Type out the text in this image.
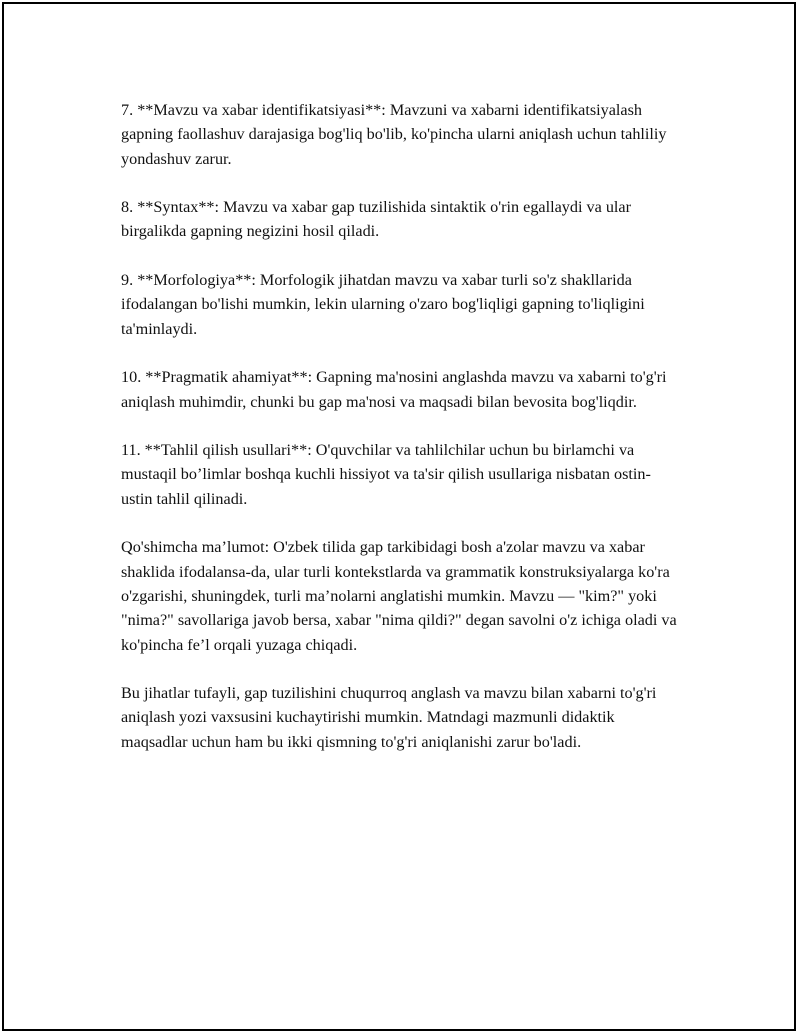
7. **Mavzu va xabar identifikatsiyasi**: Mavzuni va xabarni identifikatsiyalash gapning faollashuv darajasiga bog'liq bo'lib, ko'pincha ularni aniqlash uchun tahliliy yondashuv zarur.

8. **Syntax**: Mavzu va xabar gap tuzilishida sintaktik o'rin egallaydi va ular birgalikda gapning negizini hosil qiladi.

9. **Morfologiya**: Morfologik jihatdan mavzu va xabar turli so'z shakllarida ifodalangan bo'lishi mumkin, lekin ularning o'zaro bog'liqligi gapning to'liqligini ta'minlaydi.

10. **Pragmatik ahamiyat**: Gapning ma'nosini anglashda mavzu va xabarni to'g'ri aniqlash muhimdir, chunki bu gap ma'nosi va maqsadi bilan bevosita bog'liqdir.

11. **Tahlil qilish usullari**: O'quvchilar va tahlilchilar uchun bu birlamchi va mustaqil bo’limlar boshqa kuchli hissiyot va ta'sir qilish usullariga nisbatan ostin-ustin tahlil qilinadi.

Qo'shimcha ma’lumot: O'zbek tilida gap tarkibidagi bosh a'zolar mavzu va xabar shaklida ifodalansa-da, ular turli kontekstlarda va grammatik konstruksiyalarga ko'ra o'zgarishi, shuningdek, turli ma’nolarni anglatishi mumkin. Mavzu — "kim?" yoki "nima?" savollariga javob bersa, xabar "nima qildi?" degan savolni o'z ichiga oladi va ko'pincha fe’l orqali yuzaga chiqadi.

Bu jihatlar tufayli, gap tuzilishini chuqurroq anglash va mavzu bilan xabarni to'g'ri aniqlash yozi vaxsusini kuchaytirishi mumkin. Matndagi mazmunli didaktik maqsadlar uchun ham bu ikki qismning to'g'ri aniqlanishi zarur bo'ladi.
